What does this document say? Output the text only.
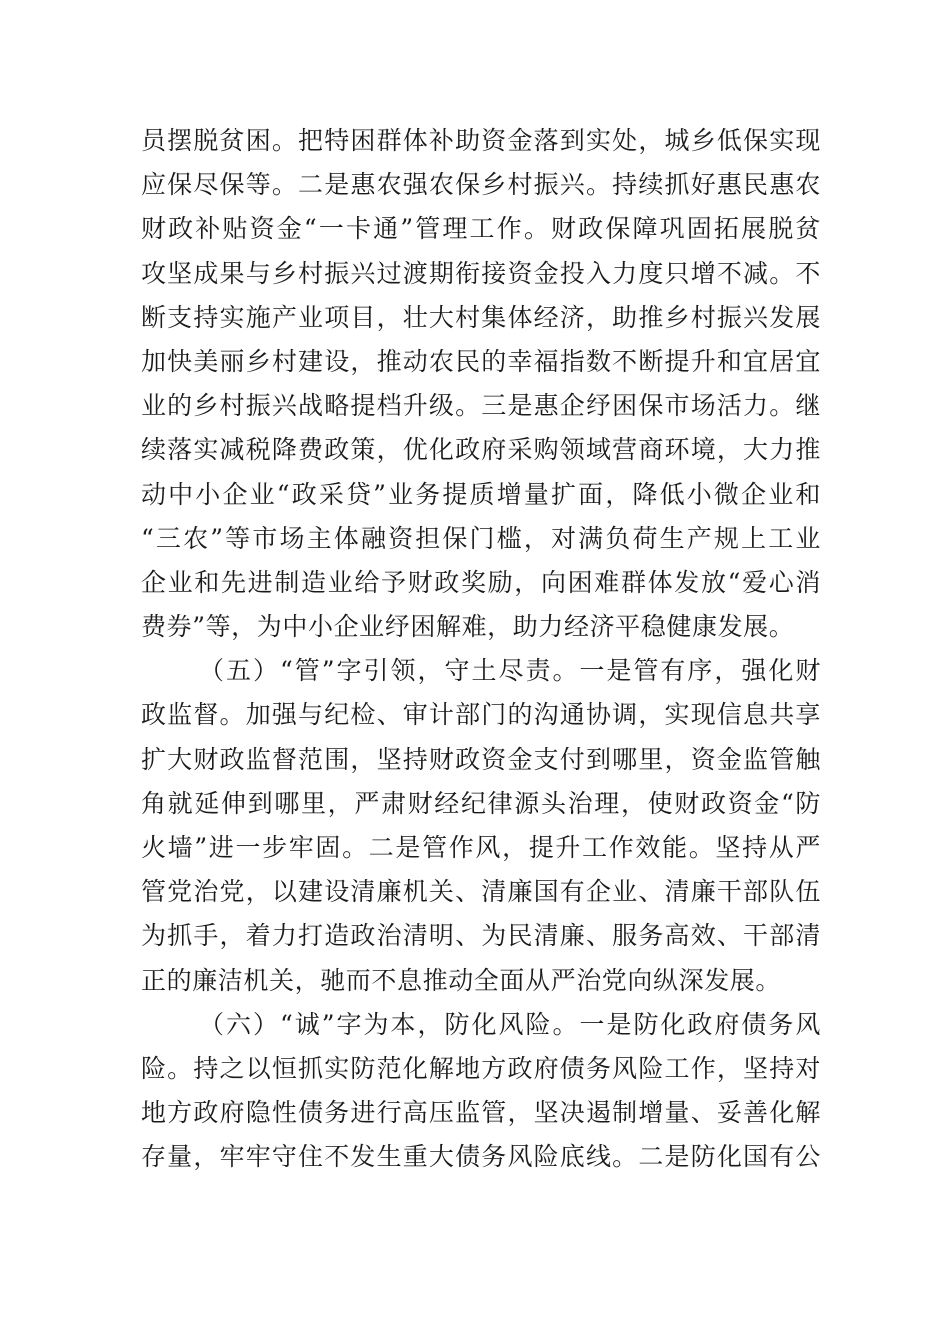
员摆脱贫困。把特困群体补助资金落到实处，城乡低保实现
应保尽保等。二是惠农强农保乡村振兴。持续抓好惠民惠农
财政补贴资金“一卡通”管理工作。财政保障巩固拓展脱贫
攻坚成果与乡村振兴过渡期衔接资金投入力度只增不减。不
断支持实施产业项目，壮大村集体经济，助推乡村振兴发展
加快美丽乡村建设，推动农民的幸福指数不断提升和宜居宜
业的乡村振兴战略提档升级。三是惠企纾困保市场活力。继
续落实减税降费政策，优化政府采购领域营商环境，大力推
动中小企业“政采贷”业务提质增量扩面，降低小微企业和
“三农”等市场主体融资担保门槛，对满负荷生产规上工业
企业和先进制造业给予财政奖励，向困难群体发放“爱心消
费券”等，为中小企业纾困解难，助力经济平稳健康发展。
（五）“管”字引领，守土尽责。一是管有序，强化财
政监督。加强与纪检、审计部门的沟通协调，实现信息共享
扩大财政监督范围，坚持财政资金支付到哪里，资金监管触
角就延伸到哪里，严肃财经纪律源头治理，使财政资金“防
火墙”进一步牢固。二是管作风，提升工作效能。坚持从严
管党治党，以建设清廉机关、清廉国有企业、清廉干部队伍
为抓手，着力打造政治清明、为民清廉、服务高效、干部清
正的廉洁机关，驰而不息推动全面从严治党向纵深发展。
（六）“诚”字为本，防化风险。一是防化政府债务风
险。持之以恒抓实防范化解地方政府债务风险工作，坚持对
地方政府隐性债务进行高压监管，坚决遏制增量、妥善化解
存量，牢牢守住不发生重大债务风险底线。二是防化国有公
